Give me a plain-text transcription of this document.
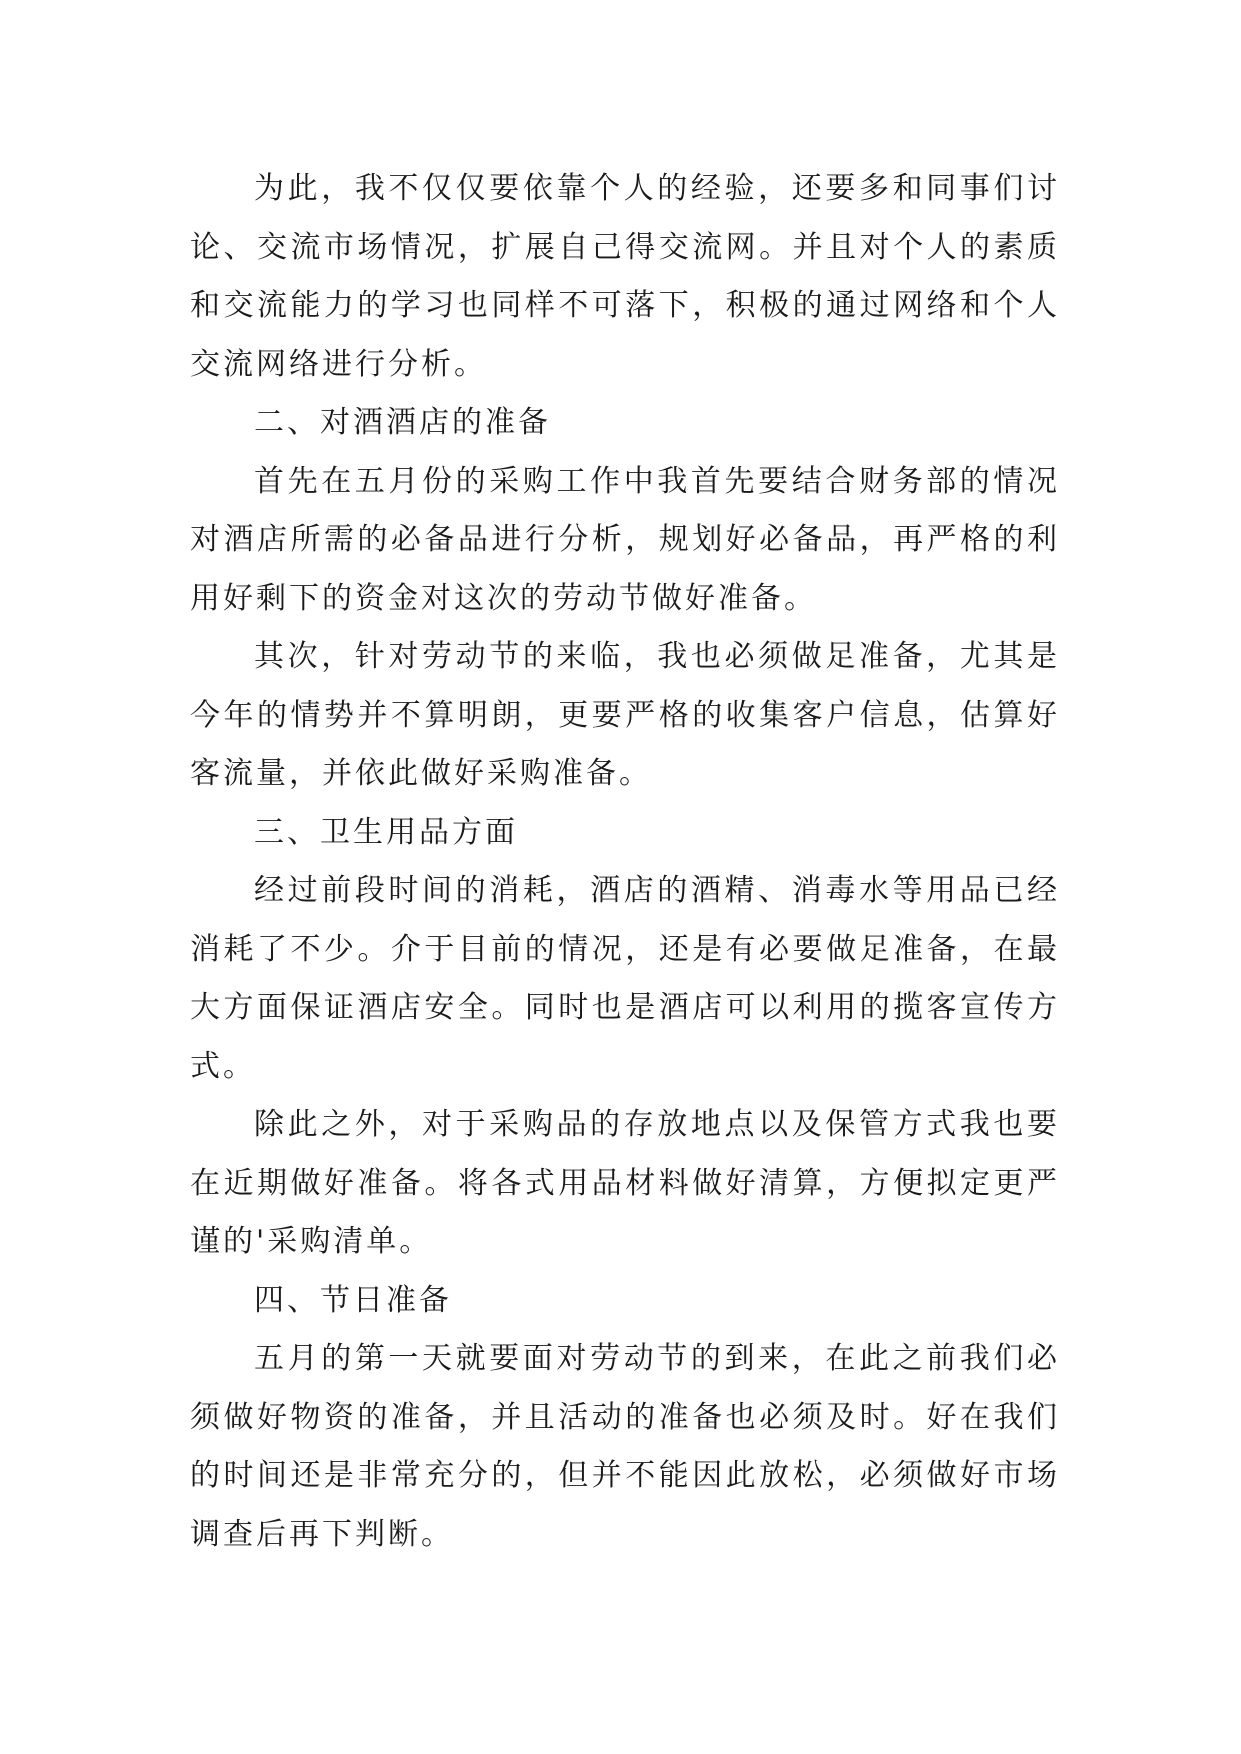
为此，我不仅仅要依靠个人的经验，还要多和同事们讨论、交流市场情况，扩展自己得交流网。并且对个人的素质和交流能力的学习也同样不可落下，积极的通过网络和个人交流网络进行分析。

二、对酒酒店的准备

首先在五月份的采购工作中我首先要结合财务部的情况对酒店所需的必备品进行分析，规划好必备品，再严格的利用好剩下的资金对这次的劳动节做好准备。

其次，针对劳动节的来临，我也必须做足准备，尤其是今年的情势并不算明朗，更要严格的收集客户信息，估算好客流量，并依此做好采购准备。

三、卫生用品方面

经过前段时间的消耗，酒店的酒精、消毒水等用品已经消耗了不少。介于目前的情况，还是有必要做足准备，在最大方面保证酒店安全。同时也是酒店可以利用的揽客宣传方式。

除此之外，对于采购品的存放地点以及保管方式我也要在近期做好准备。将各式用品材料做好清算，方便拟定更严谨的'采购清单。

四、节日准备

五月的第一天就要面对劳动节的到来，在此之前我们必须做好物资的准备，并且活动的准备也必须及时。好在我们的时间还是非常充分的，但并不能因此放松，必须做好市场调查后再下判断。
